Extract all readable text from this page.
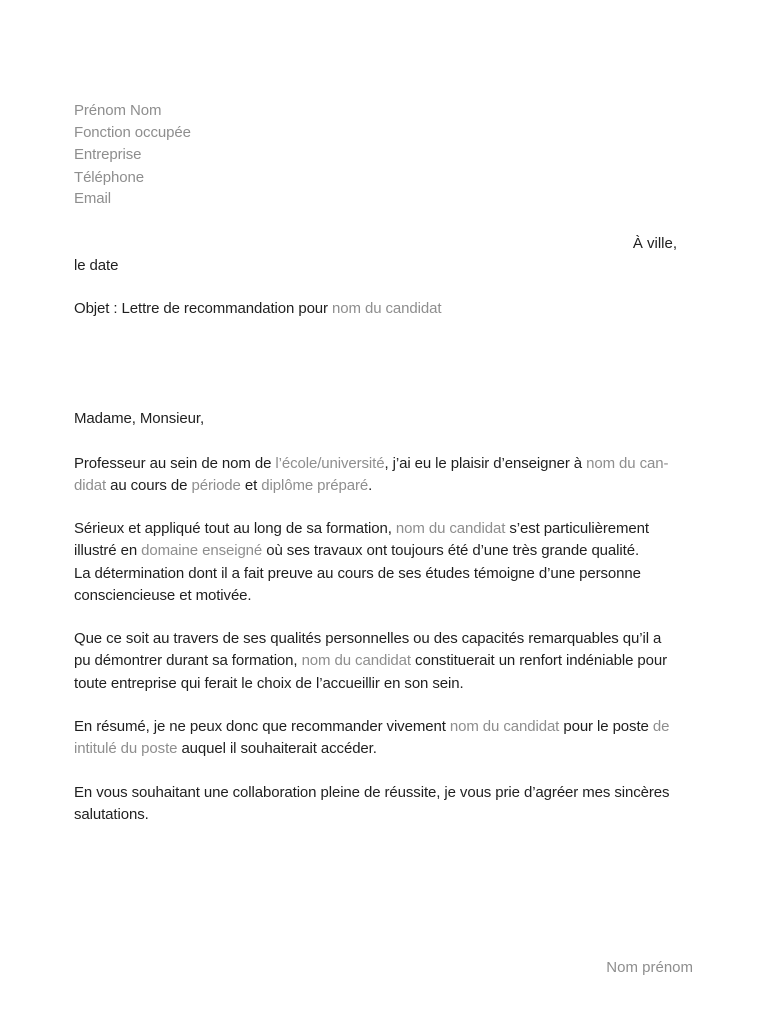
Prénom Nom
Fonction occupée
Entreprise
Téléphone
Email
À ville,
le date
Objet : Lettre de recommandation pour nom du candidat
Madame, Monsieur,
Professeur au sein de nom de l’école/université, j’ai eu le plaisir d’enseigner à nom du can-
didat au cours de période et diplôme préparé.
Sérieux et appliqué tout au long de sa formation, nom du candidat s’est particulièrement
illustré en domaine enseigné où ses travaux ont toujours été d’une très grande qualité.
La détermination dont il a fait preuve au cours de ses études témoigne d’une personne
consciencieuse et motivée.
Que ce soit au travers de ses qualités personnelles ou des capacités remarquables qu’il a
pu démontrer durant sa formation, nom du candidat constituerait un renfort indéniable pour
toute entreprise qui ferait le choix de l’accueillir en son sein.
En résumé, je ne peux donc que recommander vivement nom du candidat pour le poste de
intitulé du poste auquel il souhaiterait accéder.
En vous souhaitant une collaboration pleine de réussite, je vous prie d’agréer mes sincères
salutations.
Nom prénom
